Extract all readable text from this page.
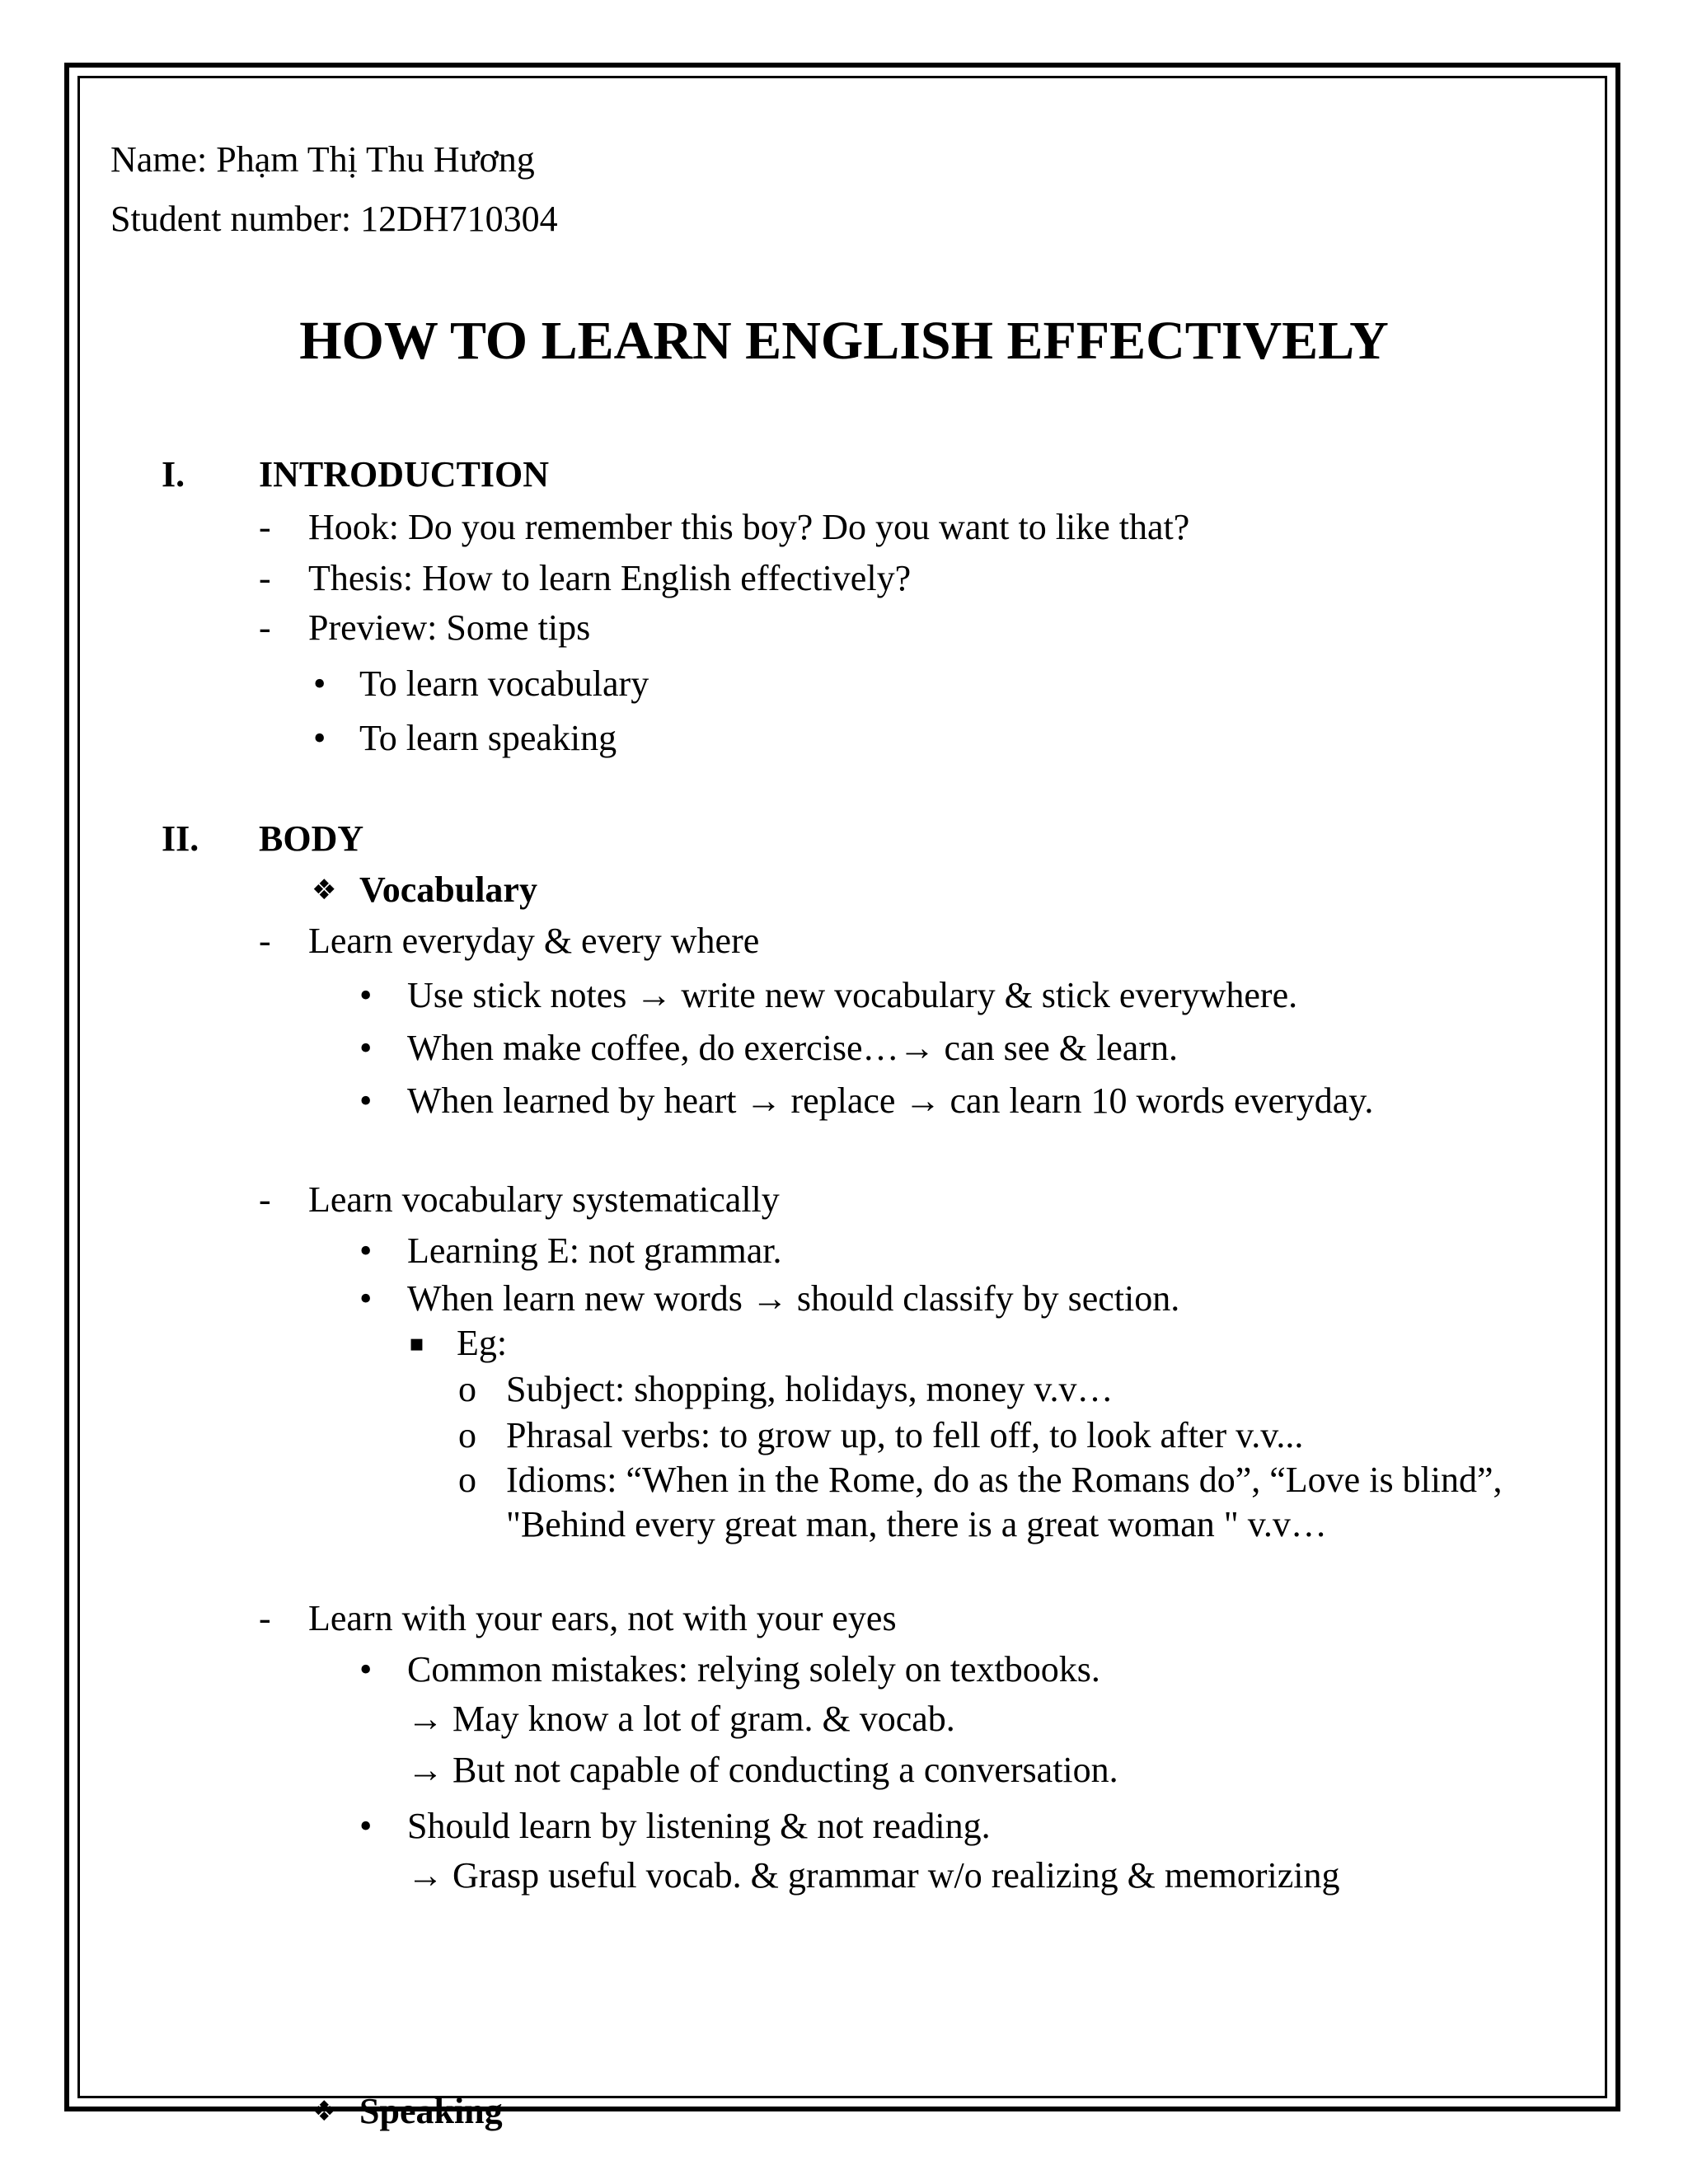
Name: Phạm Thị Thu Hương
Student number: 12DH710304
HOW TO LEARN ENGLISH EFFECTIVELY
I. INTRODUCTION
- Hook: Do you remember this boy? Do you want to like that?
- Thesis: How to learn English effectively?
- Preview: Some tips
• To learn vocabulary
• To learn speaking
II. BODY
❖ Vocabulary
- Learn everyday & every where
• Use stick notes → write new vocabulary & stick everywhere.
• When make coffee, do exercise…→ can see & learn.
• When learned by heart → replace → can learn 10 words everyday.
- Learn vocabulary systematically
• Learning E: not grammar.
• When learn new words → should classify by section.
▪ Eg:
o Subject: shopping, holidays, money v.v…
o Phrasal verbs: to grow up, to fell off, to look after v.v...
o Idioms: “When in the Rome, do as the Romans do”, “Love is blind”,
"Behind every great man, there is a great woman " v.v…
- Learn with your ears, not with your eyes
• Common mistakes: relying solely on textbooks.
→ May know a lot of gram. & vocab.
→ But not capable of conducting a conversation.
• Should learn by listening & not reading.
→ Grasp useful vocab. & grammar w/o realizing & memorizing
❖ Speaking
